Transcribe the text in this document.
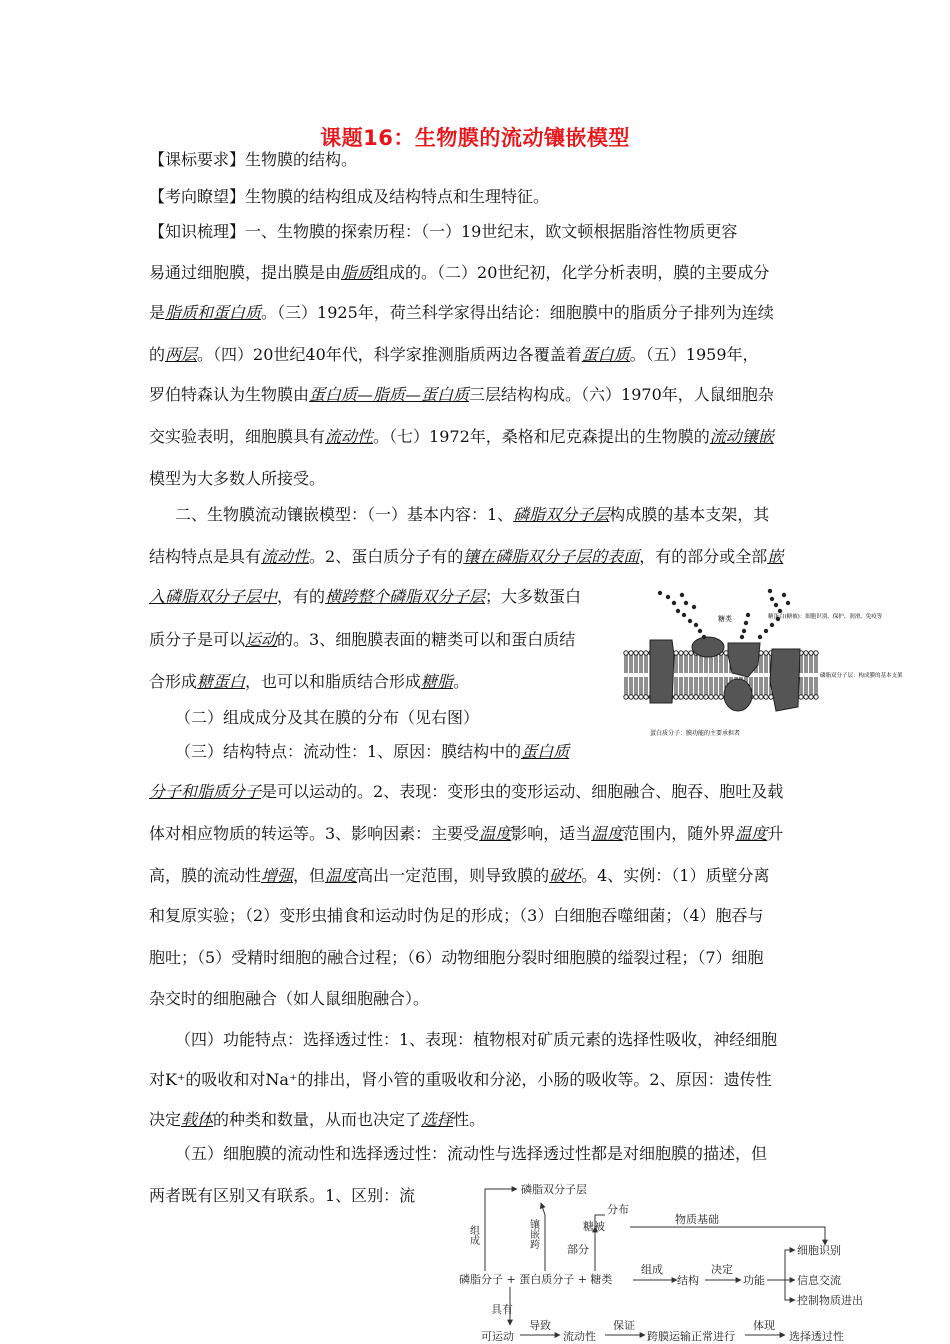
课题16：生物膜的流动镶嵌模型
【课标要求】生物膜的结构。
【考向瞭望】生物膜的结构组成及结构特点和生理特征。
【知识梳理】一、生物膜的探索历程：（一）19世纪末，欧文顿根据脂溶性物质更容
易通过细胞膜，提出膜是由脂质组成的。（二）20世纪初，化学分析表明，膜的主要成分
是脂质和蛋白质。（三）1925年，荷兰科学家得出结论：细胞膜中的脂质分子排列为连续
的两层。（四）20世纪40年代，科学家推测脂质两边各覆盖着蛋白质。（五）1959年，
罗伯特森认为生物膜由蛋白质—脂质—蛋白质三层结构构成。（六）1970年，人鼠细胞杂
交实验表明，细胞膜具有流动性。（七）1972年，桑格和尼克森提出的生物膜的流动镶嵌
模型为大多数人所接受。
二、生物膜流动镶嵌模型：（一）基本内容：1、磷脂双分子层构成膜的基本支架，其
结构特点是具有流动性。2、蛋白质分子有的镶在磷脂双分子层的表面，有的部分或全部嵌
入磷脂双分子层中，有的横跨整个磷脂双分子层；大多数蛋白
质分子是可以运动的。3、细胞膜表面的糖类可以和蛋白质结
合形成糖蛋白，也可以和脂质结合形成糖脂。
（二）组成成分及其在膜的分布（见右图）
（三）结构特点：流动性：1、原因：膜结构中的蛋白质
分子和脂质分子是可以运动的。2、表现：变形虫的变形运动、细胞融合、胞吞、胞吐及载
体对相应物质的转运等。3、影响因素：主要受温度影响，适当温度范围内，随外界温度升
高，膜的流动性增强，但温度高出一定范围，则导致膜的破坏。4、实例：（1）质壁分离
和复原实验；（2）变形虫捕食和运动时伪足的形成；（3）白细胞吞噬细菌；（4）胞吞与
胞吐；（5）受精时细胞的融合过程；（6）动物细胞分裂时细胞膜的缢裂过程；（7）细胞
杂交时的细胞融合（如人鼠细胞融合）。
（四）功能特点：选择透过性：1、表现：植物根对矿质元素的选择性吸收，神经细胞
对K⁺的吸收和对Na⁺的排出，肾小管的重吸收和分泌，小肠的吸收等。2、原因：遗传性
决定载体的种类和数量，从而也决定了选择性。
（五）细胞膜的流动性和选择透过性：流动性与选择透过性都是对细胞膜的描述，但
两者既有区别又有联系。1、区别：流
糖类	糖蛋白(糖被)：细胞识别、保护、润滑、免疫等
磷脂双分子层：构成膜的基本支架
蛋白质分子：膜功能的主要承担者
磷脂双分子层
分布
糖被
物质基础
组成	镶嵌跨
部分
磷脂分子 + 蛋白质分子 + 糖类
组成
结构
决定
功能
细胞识别
信息交流
控制物质进出
具有
可运动
导致
流动性
保证
跨膜运输正常进行
体现
选择透过性
